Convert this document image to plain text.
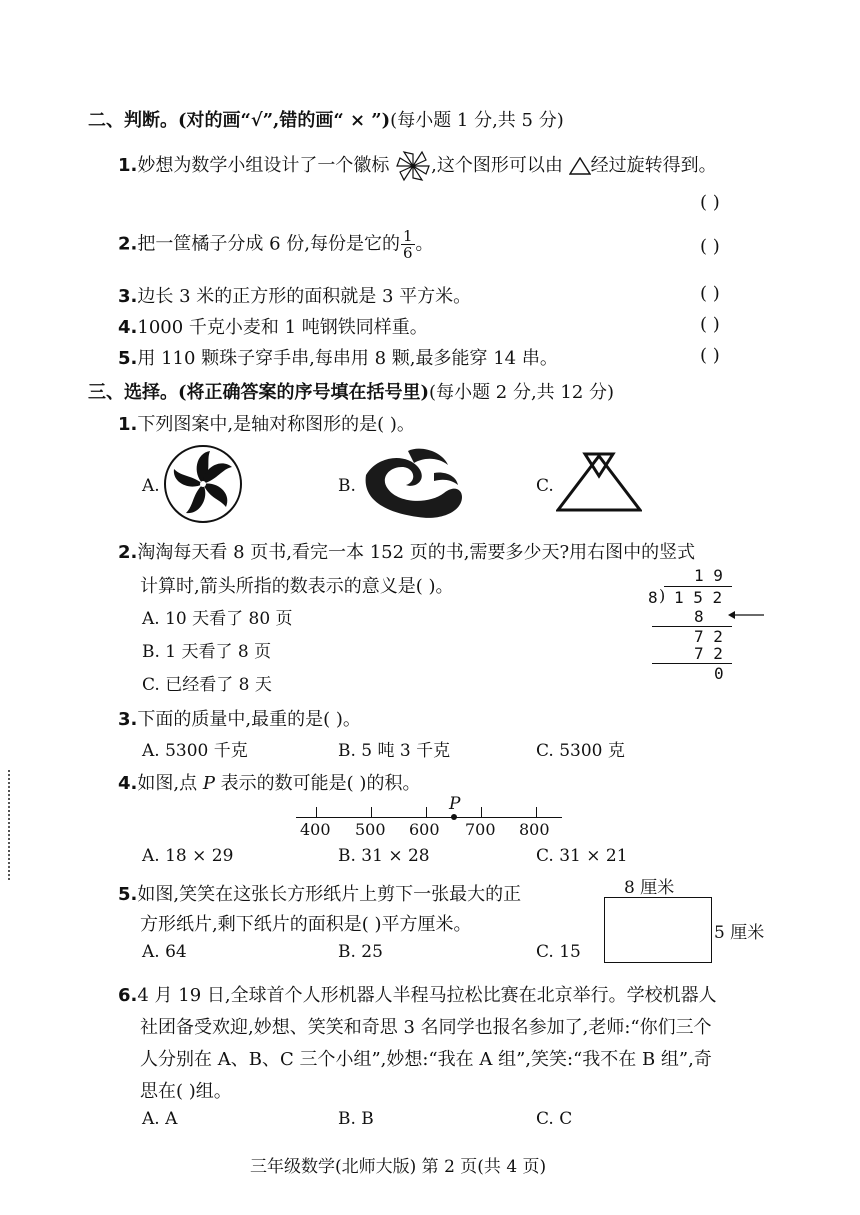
二、判断。(对的画“√”,错的画“ × ”)(每小题 1 分,共 5 分)
1.妙想为数学小组设计了一个徽标 ,这个图形可以由 经过旋转得到。
( )
2.把一筐橘子分成 6 份,每份是它的 $\frac{1}{6}$ 。	( )
3.边长 3 米的正方形的面积就是 3 平方米。	( )
4.1000 千克小麦和 1 吨钢铁同样重。	( )
5.用 110 颗珠子穿手串,每串用 8 颗,最多能穿 14 串。	( )
三、选择。(将正确答案的序号填在括号里)(每小题 2 分,共 12 分)
1.下列图案中,是轴对称图形的是( )。
A.	B.	C.
2.淘淘每天看 8 页书,看完一本 152 页的书,需要多少天?用右图中的竖式
计算时,箭头所指的数表示的意义是( )。
A. 10 天看了 80 页
B. 1 天看了 8 页
C. 已经看了 8 天
1 9
8 ) 1 5 2
8
7 2
7 2
0
3.下面的质量中,最重的是( )。
A. 5300 千克	B. 5 吨 3 千克	C. 5300 克
4.如图,点 P 表示的数可能是( )的积。
P
400 500 600 700 800
A. 18 × 29	B. 31 × 28	C. 31 × 21
5.如图,笑笑在这张长方形纸片上剪下一张最大的正
方形纸片,剩下纸片的面积是( )平方厘米。
A. 64	B. 25	C. 15
8 厘米
5 厘米
6.4 月 19 日,全球首个人形机器人半程马拉松比赛在北京举行。学校机器人
社团备受欢迎,妙想、笑笑和奇思 3 名同学也报名参加了,老师:“你们三个
人分别在 A、B、C 三个小组”,妙想:“我在 A 组”,笑笑:“我不在 B 组”,奇
思在( )组。
A. A	B. B	C. C
三年级数学(北师大版) 第 2 页(共 4 页)
